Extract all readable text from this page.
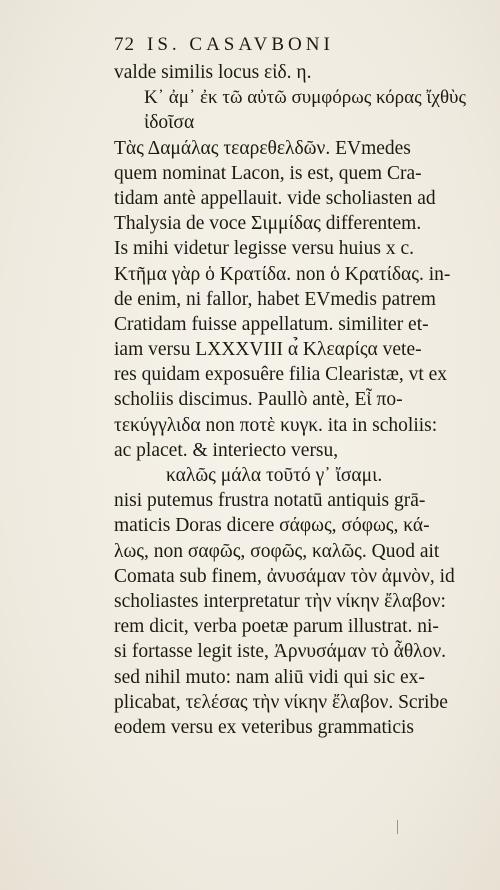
72 IS. CASAVBONI
valde similis locus εἰδ. η.
Κ᾽ ἀμ᾽ ἐκ τῶ αὐτῶ συμφόρως κόρας ἴχθὺς
ἰδοῖσα
Τὰς Δαμάλας τεαρεθελδῶν. EVmedes
quem nominat Lacon, is est, quem Cra-
tidam antè appellauit. vide scholiasten ad
Thalysia de voce Σιμμίδας differentem.
Is mihi videtur legisse versu huius x c.
Κτῆμα γὰρ ὁ Κρατίδα. non ὁ Κρατίδας. in-
de enim, ni fallor, habet EVmedis patrem
Cratidam fuisse appellatum. similiter et-
iam versu LXXXVIII α̉ Κλεαρίςα vete-
res quidam exposuêre filia Clearistæ, vt ex
scholiis discimus. Paullò antè, Εἶ πο-
τεκύγγλιδα non ποτὲ κυγκ. ita in scholiis:
ac placet. & interiecto versu,
καλῶς μάλα τοῦτό γ᾽ ἴσαμι.
nisi putemus frustra notatū antiquis grā-
maticis Doras dicere σάφως, σόφως, κά-
λως, non σαφῶς, σοφῶς, καλῶς. Quod ait
Comata sub finem, ἀνυσάμαν τὸν ἀμνὸν, id
scholiastes interpretatur τὴν νίκην ἔλαβον:
rem dicit, verba poetæ parum illustrat. ni-
si fortasse legit iste, Ἀρνυσάμαν τὸ ἆθλον.
sed nihil muto: nam aliū vidi qui sic ex-
plicabat, τελέσας τὴν νίκην ἔλαβον. Scribe
eodem versu ex veteribus grammaticis
